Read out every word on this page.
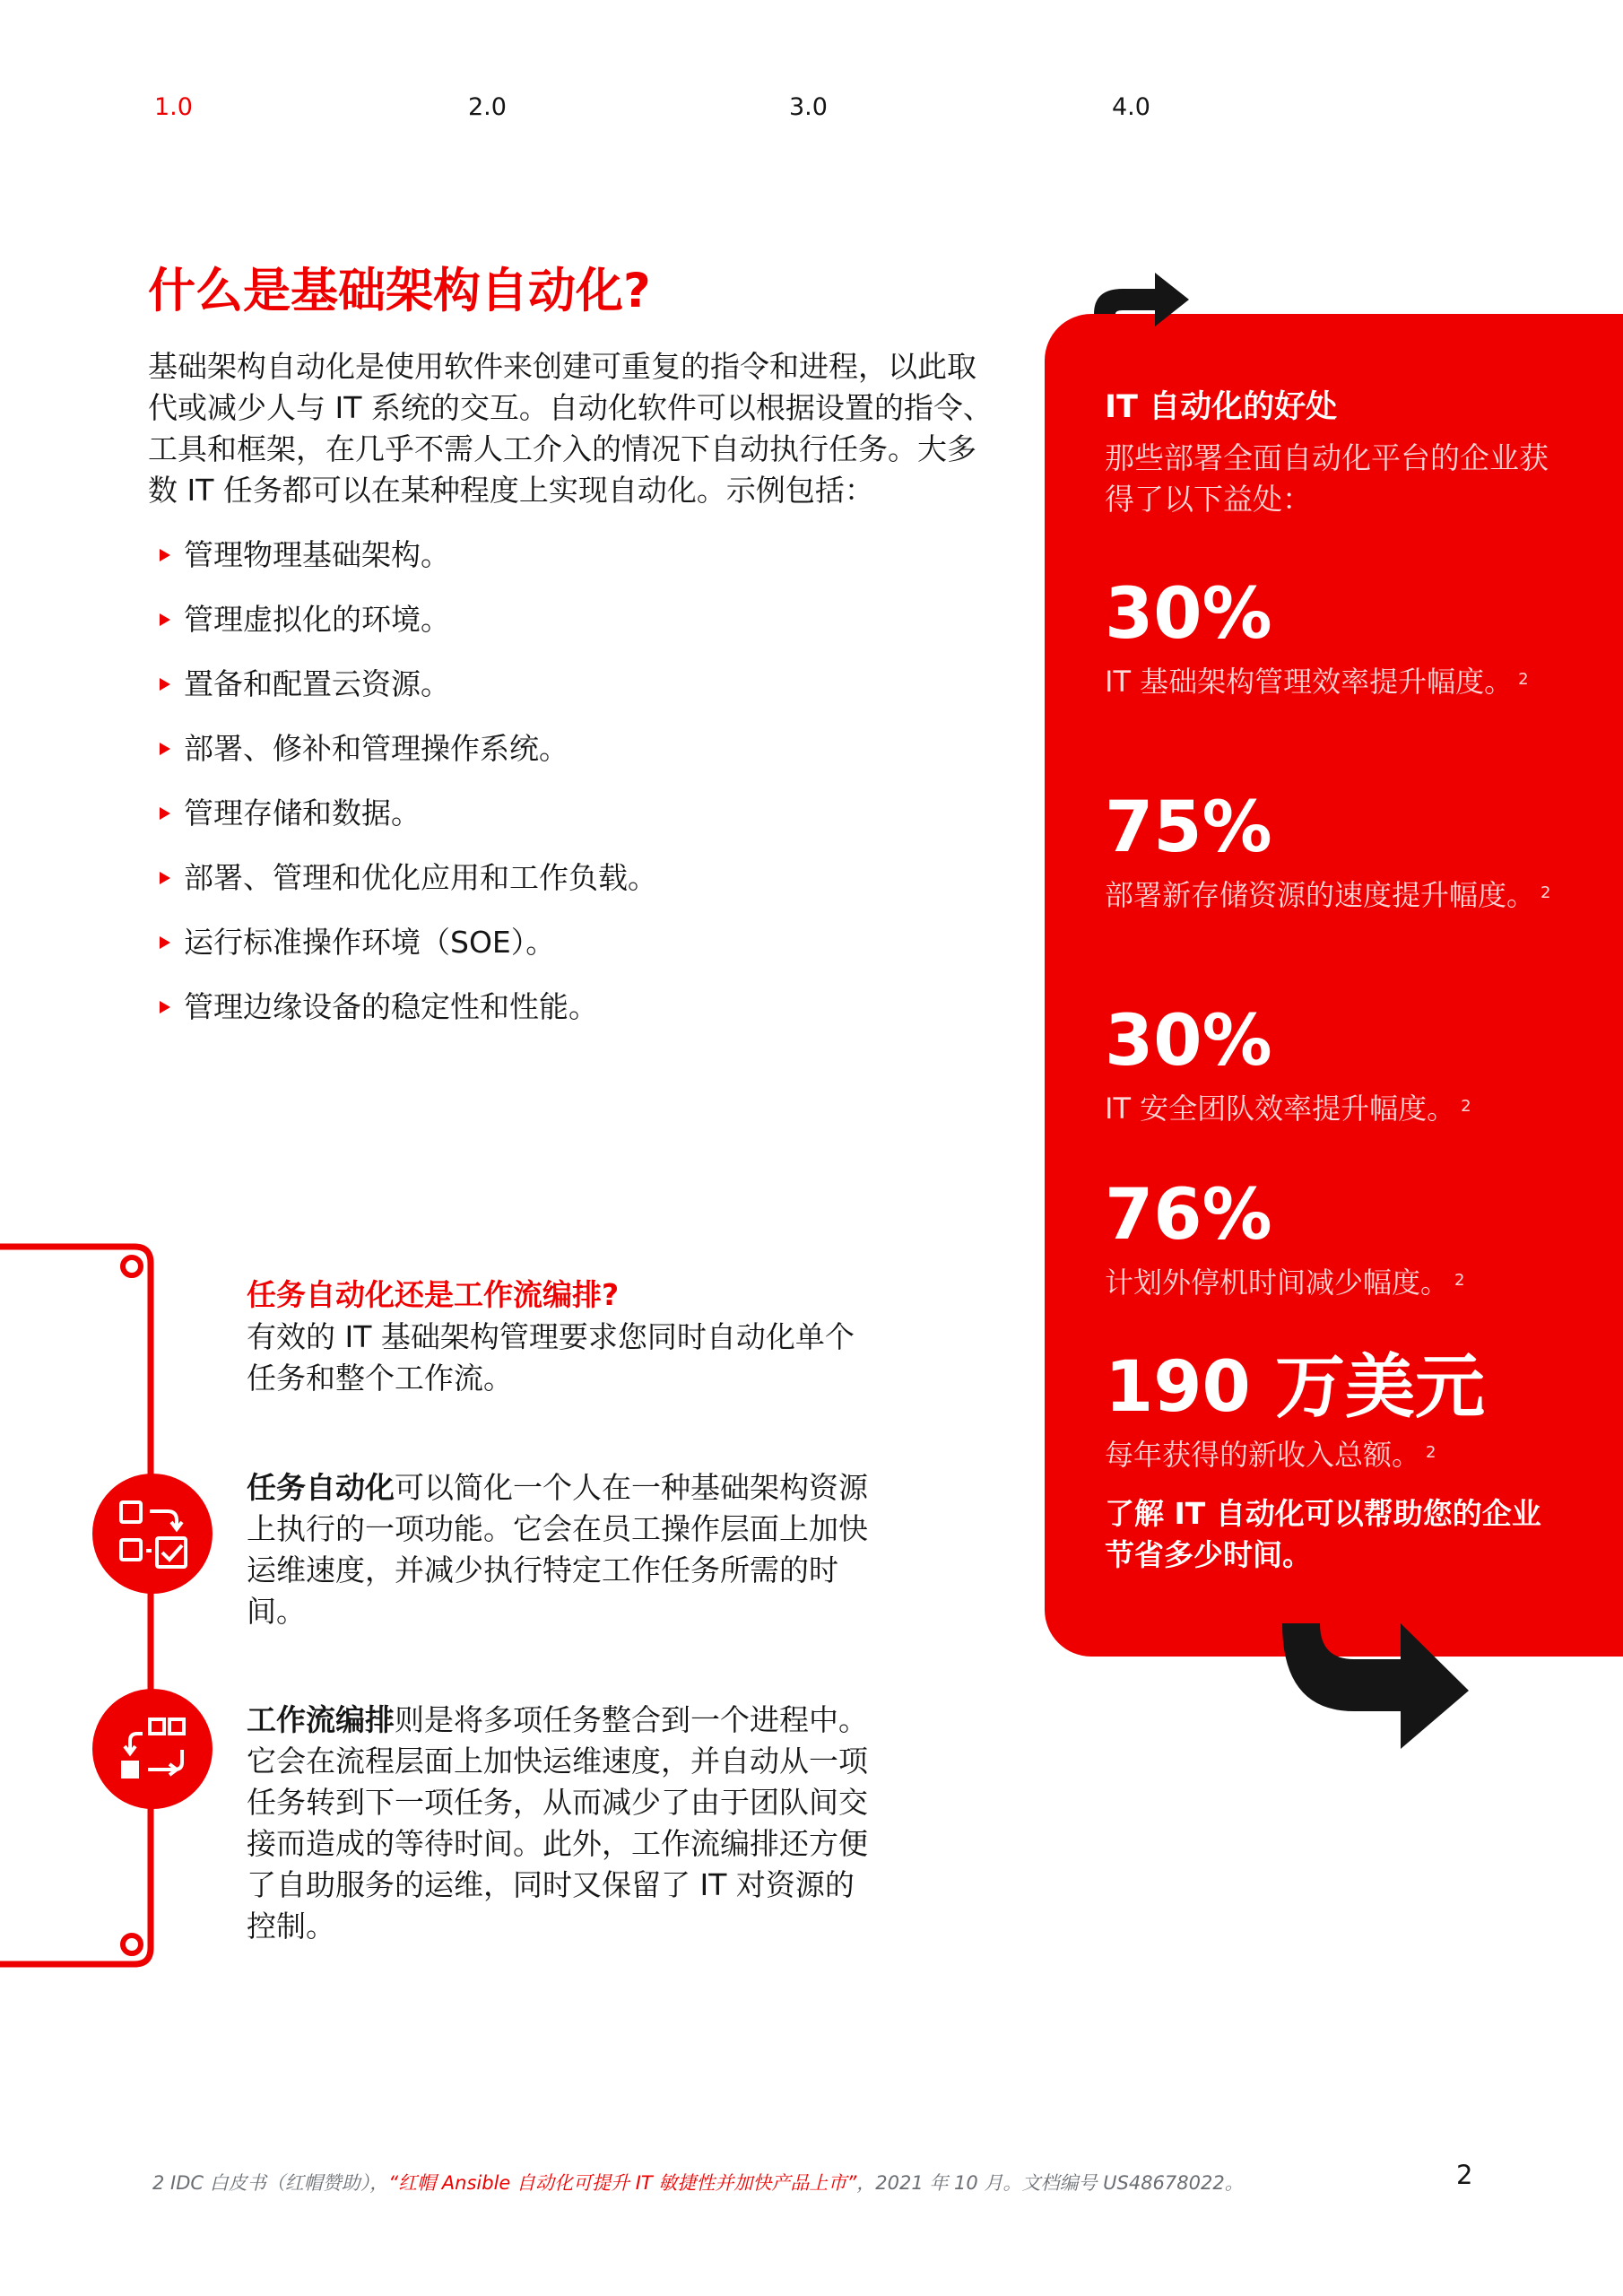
1.0	2.0	3.0	4.0
什么是基础架构自动化?

基础架构自动化是使用软件来创建可重复的指令和进程，以此取代或减少人与 IT 系统的交互。自动化软件可以根据设置的指令、工具和框架，在几乎不需人工介入的情况下自动执行任务。大多数 IT 任务都可以在某种程度上实现自动化。示例包括：

管理物理基础架构。
管理虚拟化的环境。
置备和配置云资源。
部署、修补和管理操作系统。
管理存储和数据。
部署、管理和优化应用和工作负载。
运行标准操作环境（SOE）。
管理边缘设备的稳定性和性能。
任务自动化还是工作流编排?

有效的 IT 基础架构管理要求您同时自动化单个任务和整个工作流。

任务自动化可以简化一个人在一种基础架构资源上执行的一项功能。它会在员工操作层面上加快运维速度，并减少执行特定工作任务所需的时间。

工作流编排则是将多项任务整合到一个进程中。它会在流程层面上加快运维速度，并自动从一项任务转到下一项任务，从而减少了由于团队间交接而造成的等待时间。此外，工作流编排还方便了自助服务的运维，同时又保留了 IT 对资源的控制。

IT 自动化的好处
那些部署全面自动化平台的企业获得了以下益处：
30%
IT 基础架构管理效率提升幅度。 $^2$
75%
部署新存储资源的速度提升幅度。 $^2$
30%
IT 安全团队效率提升幅度。 $^2$
76%
计划外停机时间减少幅度。 $^2$
190 万美元
每年获得的新收入总额。 $^2$
了解 IT 自动化可以帮助您的企业节省多少时间。
2 IDC 白皮书（红帽赞助），“红帽 Ansible 自动化可提升 IT 敏捷性并加快产品上市”，2021 年 10 月。文档编号 US48678022。	2
